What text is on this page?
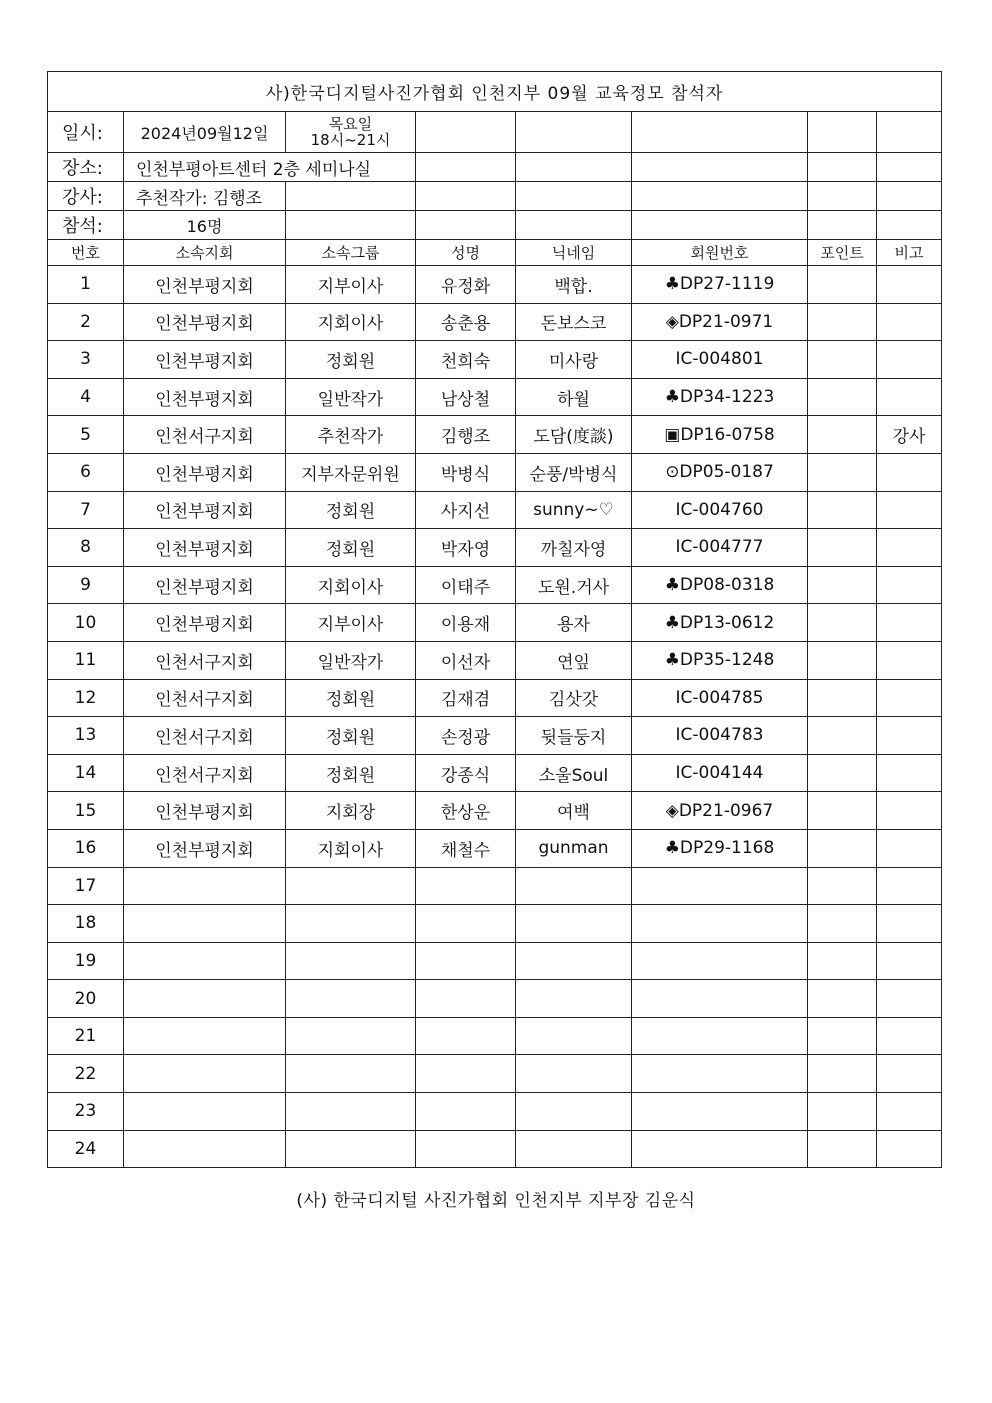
사)한국디지털사진가협회 인천지부 09월 교육정모 참석자							
일시:	2024년09월12일	목요일
18시~21시					

장소:	인천부평아트센터 2층 세미나실						
강사:	추천작가: 김행조						
참석:	16명						
번호	소속지회	소속그룹	성명	닉네임	회원번호	포인트	비고
1	인천부평지회	지부이사	유정화	백합.	♣DP27-1119		
2	인천부평지회	지회이사	송춘용	돈보스코	◈DP21-0971		
3	인천부평지회	정회원	천희숙	미사랑	IC-004801		
4	인천부평지회	일반작가	남상철	하월	♣DP34-1223		
5	인천서구지회	추천작가	김행조	도담(度談)	▣DP16-0758		강사
6	인천부평지회	지부자문위원	박병식	순풍/박병식	⊙DP05-0187		
7	인천부평지회	정회원	사지선	sunny~♡	IC-004760		
8	인천부평지회	정회원	박자영	까칠자영	IC-004777		
9	인천부평지회	지회이사	이태주	도원.거사	♣DP08-0318		
10	인천부평지회	지부이사	이용재	용자	♣DP13-0612		
11	인천서구지회	일반작가	이선자	연잎	♣DP35-1248		
12	인천서구지회	정회원	김재겸	김삿갓	IC-004785		
13	인천서구지회	정회원	손정광	뒷들둥지	IC-004783		
14	인천서구지회	정회원	강종식	소울Soul	IC-004144		
15	인천부평지회	지회장	한상운	여백	◈DP21-0967		
16	인천부평지회	지회이사	채철수	gunman	♣DP29-1168		
17							
18							
19							
20							
21							
22							
23							
24							
(사) 한국디지털 사진가협회 인천지부 지부장 김운식
